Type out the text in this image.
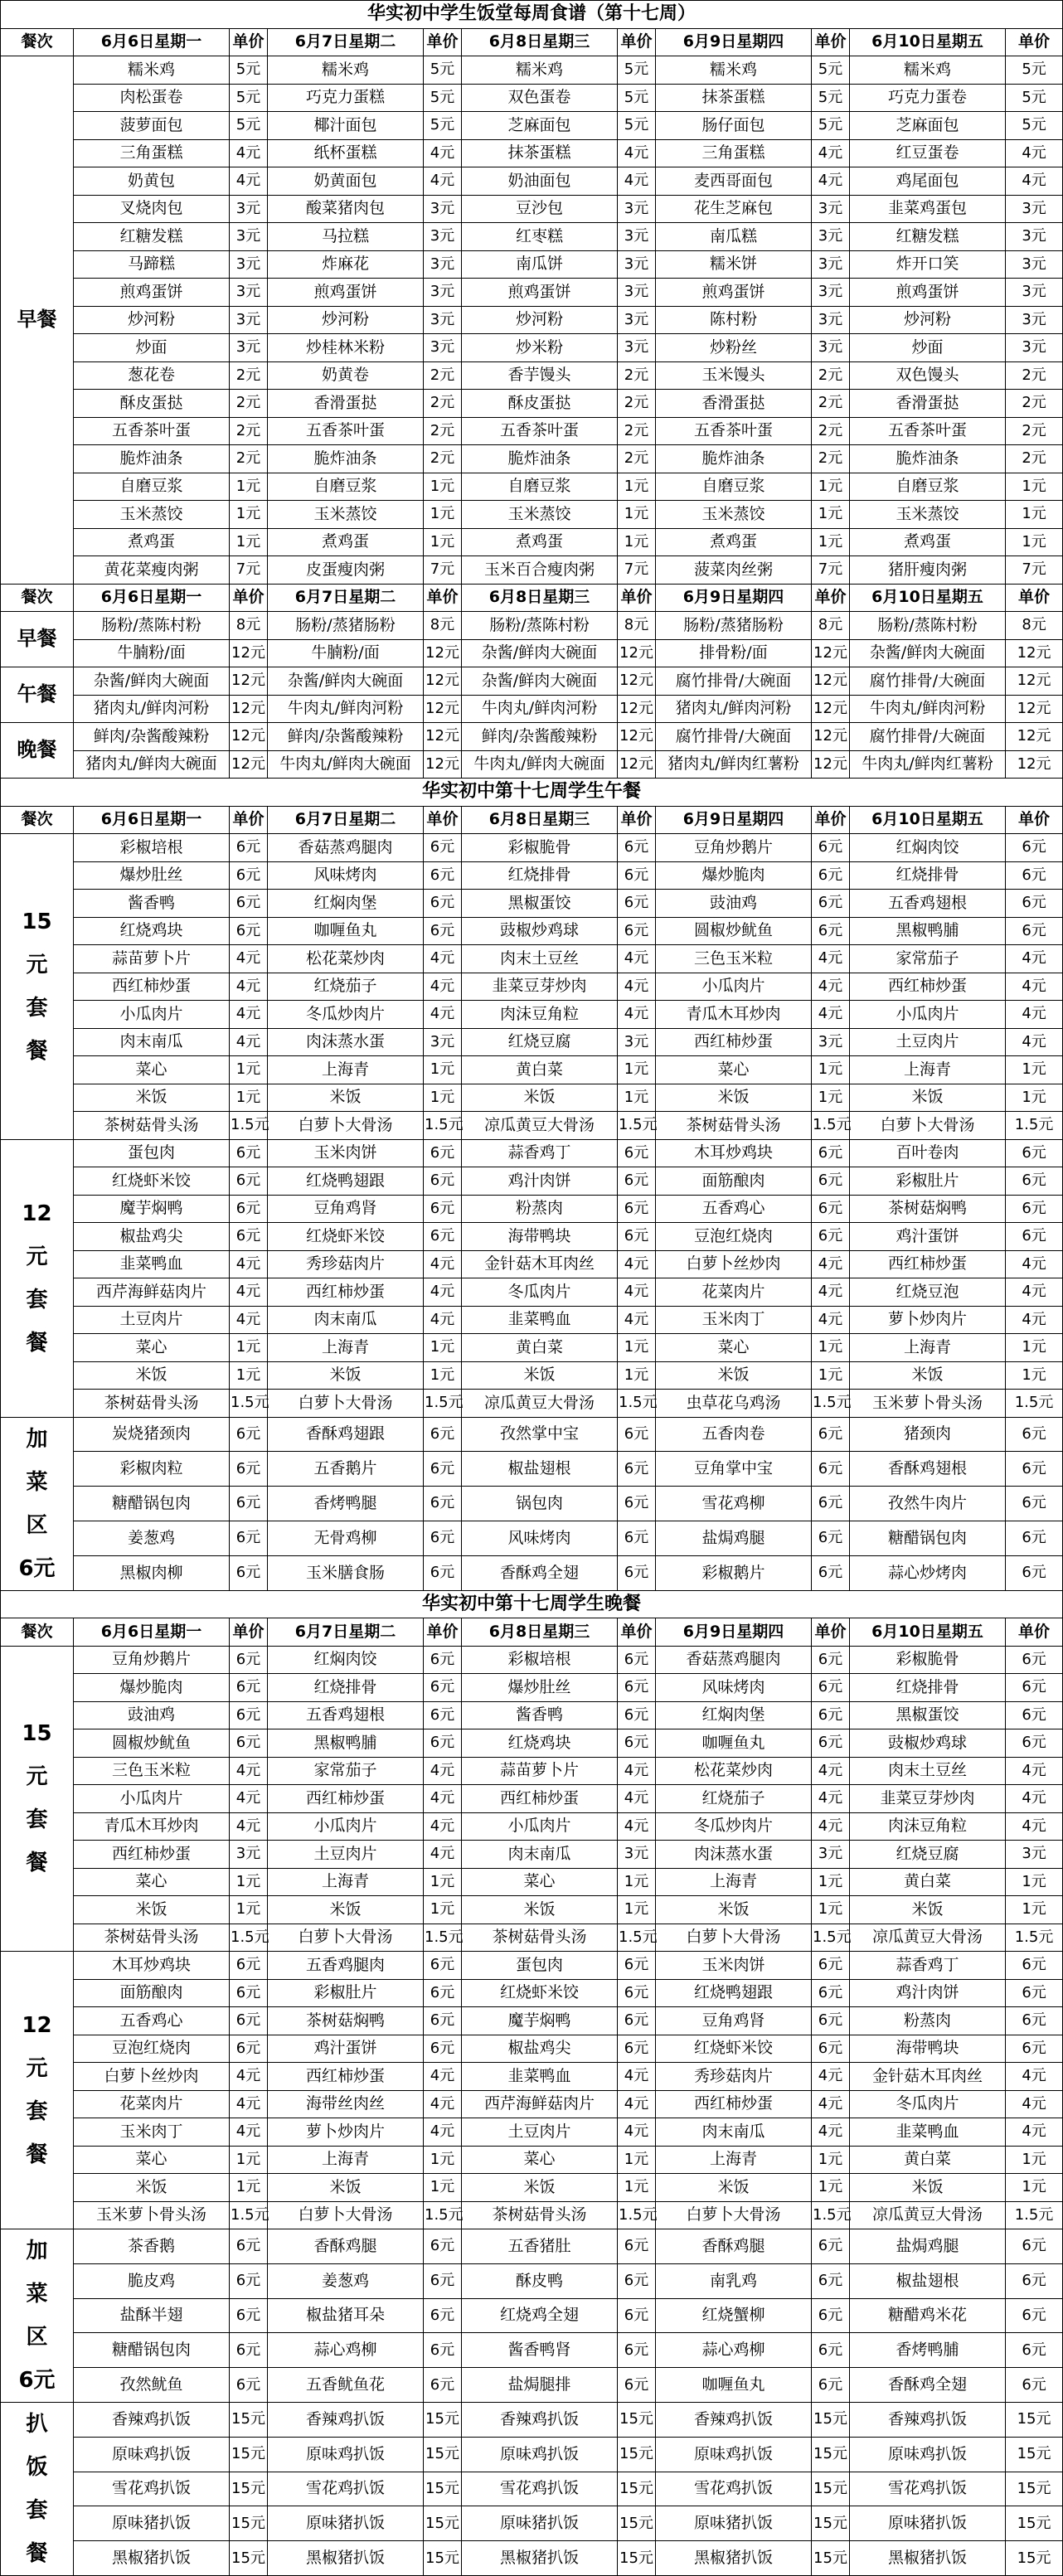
华实初中学生饭堂每周食谱（第十七周）										
餐次	6月6日星期一	单价	6月7日星期二	单价	6月8日星期三	单价	6月9日星期四	单价	6月10日星期五	单价
早餐	糯米鸡	5元	糯米鸡	5元	糯米鸡	5元	糯米鸡	5元	糯米鸡	5元
	肉松蛋卷	5元	巧克力蛋糕	5元	双色蛋卷	5元	抹茶蛋糕	5元	巧克力蛋卷	5元
	菠萝面包	5元	椰汁面包	5元	芝麻面包	5元	肠仔面包	5元	芝麻面包	5元
	三角蛋糕	4元	纸杯蛋糕	4元	抹茶蛋糕	4元	三角蛋糕	4元	红豆蛋卷	4元
	奶黄包	4元	奶黄面包	4元	奶油面包	4元	麦西哥面包	4元	鸡尾面包	4元
	叉烧肉包	3元	酸菜猪肉包	3元	豆沙包	3元	花生芝麻包	3元	韭菜鸡蛋包	3元
	红糖发糕	3元	马拉糕	3元	红枣糕	3元	南瓜糕	3元	红糖发糕	3元
	马蹄糕	3元	炸麻花	3元	南瓜饼	3元	糯米饼	3元	炸开口笑	3元
	煎鸡蛋饼	3元	煎鸡蛋饼	3元	煎鸡蛋饼	3元	煎鸡蛋饼	3元	煎鸡蛋饼	3元
	炒河粉	3元	炒河粉	3元	炒河粉	3元	陈村粉	3元	炒河粉	3元
	炒面	3元	炒桂林米粉	3元	炒米粉	3元	炒粉丝	3元	炒面	3元
	葱花卷	2元	奶黄卷	2元	香芋馒头	2元	玉米馒头	2元	双色馒头	2元
	酥皮蛋挞	2元	香滑蛋挞	2元	酥皮蛋挞	2元	香滑蛋挞	2元	香滑蛋挞	2元
	五香茶叶蛋	2元	五香茶叶蛋	2元	五香茶叶蛋	2元	五香茶叶蛋	2元	五香茶叶蛋	2元
	脆炸油条	2元	脆炸油条	2元	脆炸油条	2元	脆炸油条	2元	脆炸油条	2元
	自磨豆浆	1元	自磨豆浆	1元	自磨豆浆	1元	自磨豆浆	1元	自磨豆浆	1元
	玉米蒸饺	1元	玉米蒸饺	1元	玉米蒸饺	1元	玉米蒸饺	1元	玉米蒸饺	1元
	煮鸡蛋	1元	煮鸡蛋	1元	煮鸡蛋	1元	煮鸡蛋	1元	煮鸡蛋	1元
	黄花菜瘦肉粥	7元	皮蛋瘦肉粥	7元	玉米百合瘦肉粥	7元	菠菜肉丝粥	7元	猪肝瘦肉粥	7元
餐次	6月6日星期一	单价	6月7日星期二	单价	6月8日星期三	单价	6月9日星期四	单价	6月10日星期五	单价
早餐	肠粉/蒸陈村粉	8元	肠粉/蒸猪肠粉	8元	肠粉/蒸陈村粉	8元	肠粉/蒸猪肠粉	8元	肠粉/蒸陈村粉	8元
	牛腩粉/面	12元	牛腩粉/面	12元	杂酱/鲜肉大碗面	12元	排骨粉/面	12元	杂酱/鲜肉大碗面	12元
午餐	杂酱/鲜肉大碗面	12元	杂酱/鲜肉大碗面	12元	杂酱/鲜肉大碗面	12元	腐竹排骨/大碗面	12元	腐竹排骨/大碗面	12元
	猪肉丸/鲜肉河粉	12元	牛肉丸/鲜肉河粉	12元	牛肉丸/鲜肉河粉	12元	猪肉丸/鲜肉河粉	12元	牛肉丸/鲜肉河粉	12元
晚餐	鲜肉/杂酱酸辣粉	12元	鲜肉/杂酱酸辣粉	12元	鲜肉/杂酱酸辣粉	12元	腐竹排骨/大碗面	12元	腐竹排骨/大碗面	12元
	猪肉丸/鲜肉大碗面	12元	牛肉丸/鲜肉大碗面	12元	牛肉丸/鲜肉大碗面	12元	猪肉丸/鲜肉红薯粉	12元	牛肉丸/鲜肉红薯粉	12元
华实初中第十七周学生午餐										
餐次	6月6日星期一	单价	6月7日星期二	单价	6月8日星期三	单价	6月9日星期四	单价	6月10日星期五	单价
15
元
套
餐	彩椒培根	6元	香菇蒸鸡腿肉	6元	彩椒脆骨	6元	豆角炒鹅片	6元	红焖肉饺	6元
	爆炒肚丝	6元	风味烤肉	6元	红烧排骨	6元	爆炒脆肉	6元	红烧排骨	6元
	酱香鸭	6元	红焖肉堡	6元	黑椒蛋饺	6元	豉油鸡	6元	五香鸡翅根	6元
	红烧鸡块	6元	咖喱鱼丸	6元	豉椒炒鸡球	6元	圆椒炒鱿鱼	6元	黑椒鸭脯	6元
	蒜苗萝卜片	4元	松花菜炒肉	4元	肉末土豆丝	4元	三色玉米粒	4元	家常茄子	4元
	西红柿炒蛋	4元	红烧茄子	4元	韭菜豆芽炒肉	4元	小瓜肉片	4元	西红柿炒蛋	4元
	小瓜肉片	4元	冬瓜炒肉片	4元	肉沫豆角粒	4元	青瓜木耳炒肉	4元	小瓜肉片	4元
	肉末南瓜	4元	肉沫蒸水蛋	3元	红烧豆腐	3元	西红柿炒蛋	3元	土豆肉片	4元
	菜心	1元	上海青	1元	黄白菜	1元	菜心	1元	上海青	1元
	米饭	1元	米饭	1元	米饭	1元	米饭	1元	米饭	1元
	茶树菇骨头汤	1.5元	白萝卜大骨汤	1.5元	凉瓜黄豆大骨汤	1.5元	茶树菇骨头汤	1.5元	白萝卜大骨汤	1.5元
12
元
套
餐	蛋包肉	6元	玉米肉饼	6元	蒜香鸡丁	6元	木耳炒鸡块	6元	百叶卷肉	6元
	红烧虾米饺	6元	红烧鸭翅跟	6元	鸡汁肉饼	6元	面筋酿肉	6元	彩椒肚片	6元
	魔芋焖鸭	6元	豆角鸡肾	6元	粉蒸肉	6元	五香鸡心	6元	茶树菇焖鸭	6元
	椒盐鸡尖	6元	红烧虾米饺	6元	海带鸭块	6元	豆泡红烧肉	6元	鸡汁蛋饼	6元
	韭菜鸭血	4元	秀珍菇肉片	4元	金针菇木耳肉丝	4元	白萝卜丝炒肉	4元	西红柿炒蛋	4元
	西芹海鲜菇肉片	4元	西红柿炒蛋	4元	冬瓜肉片	4元	花菜肉片	4元	红烧豆泡	4元
	土豆肉片	4元	肉末南瓜	4元	韭菜鸭血	4元	玉米肉丁	4元	萝卜炒肉片	4元
	菜心	1元	上海青	1元	黄白菜	1元	菜心	1元	上海青	1元
	米饭	1元	米饭	1元	米饭	1元	米饭	1元	米饭	1元
	茶树菇骨头汤	1.5元	白萝卜大骨汤	1.5元	凉瓜黄豆大骨汤	1.5元	虫草花乌鸡汤	1.5元	玉米萝卜骨头汤	1.5元
加
菜
区
6元	炭烧猪颈肉	6元	香酥鸡翅跟	6元	孜然掌中宝	6元	五香肉卷	6元	猪颈肉	6元
	彩椒肉粒	6元	五香鹅片	6元	椒盐翅根	6元	豆角掌中宝	6元	香酥鸡翅根	6元
	糖醋锅包肉	6元	香烤鸭腿	6元	锅包肉	6元	雪花鸡柳	6元	孜然牛肉片	6元
	姜葱鸡	6元	无骨鸡柳	6元	风味烤肉	6元	盐焗鸡腿	6元	糖醋锅包肉	6元
	黑椒肉柳	6元	玉米膳食肠	6元	香酥鸡全翅	6元	彩椒鹅片	6元	蒜心炒烤肉	6元
华实初中第十七周学生晚餐										
餐次	6月6日星期一	单价	6月7日星期二	单价	6月8日星期三	单价	6月9日星期四	单价	6月10日星期五	单价
15
元
套
餐	豆角炒鹅片	6元	红焖肉饺	6元	彩椒培根	6元	香菇蒸鸡腿肉	6元	彩椒脆骨	6元
	爆炒脆肉	6元	红烧排骨	6元	爆炒肚丝	6元	风味烤肉	6元	红烧排骨	6元
	豉油鸡	6元	五香鸡翅根	6元	酱香鸭	6元	红焖肉堡	6元	黑椒蛋饺	6元
	圆椒炒鱿鱼	6元	黑椒鸭脯	6元	红烧鸡块	6元	咖喱鱼丸	6元	豉椒炒鸡球	6元
	三色玉米粒	4元	家常茄子	4元	蒜苗萝卜片	4元	松花菜炒肉	4元	肉末土豆丝	4元
	小瓜肉片	4元	西红柿炒蛋	4元	西红柿炒蛋	4元	红烧茄子	4元	韭菜豆芽炒肉	4元
	青瓜木耳炒肉	4元	小瓜肉片	4元	小瓜肉片	4元	冬瓜炒肉片	4元	肉沫豆角粒	4元
	西红柿炒蛋	3元	土豆肉片	4元	肉末南瓜	3元	肉沫蒸水蛋	3元	红烧豆腐	3元
	菜心	1元	上海青	1元	菜心	1元	上海青	1元	黄白菜	1元
	米饭	1元	米饭	1元	米饭	1元	米饭	1元	米饭	1元
	茶树菇骨头汤	1.5元	白萝卜大骨汤	1.5元	茶树菇骨头汤	1.5元	白萝卜大骨汤	1.5元	凉瓜黄豆大骨汤	1.5元
12
元
套
餐	木耳炒鸡块	6元	五香鸡腿肉	6元	蛋包肉	6元	玉米肉饼	6元	蒜香鸡丁	6元
	面筋酿肉	6元	彩椒肚片	6元	红烧虾米饺	6元	红烧鸭翅跟	6元	鸡汁肉饼	6元
	五香鸡心	6元	茶树菇焖鸭	6元	魔芋焖鸭	6元	豆角鸡肾	6元	粉蒸肉	6元
	豆泡红烧肉	6元	鸡汁蛋饼	6元	椒盐鸡尖	6元	红烧虾米饺	6元	海带鸭块	6元
	白萝卜丝炒肉	4元	西红柿炒蛋	4元	韭菜鸭血	4元	秀珍菇肉片	4元	金针菇木耳肉丝	4元
	花菜肉片	4元	海带丝肉丝	4元	西芹海鲜菇肉片	4元	西红柿炒蛋	4元	冬瓜肉片	4元
	玉米肉丁	4元	萝卜炒肉片	4元	土豆肉片	4元	肉末南瓜	4元	韭菜鸭血	4元
	菜心	1元	上海青	1元	菜心	1元	上海青	1元	黄白菜	1元
	米饭	1元	米饭	1元	米饭	1元	米饭	1元	米饭	1元
	玉米萝卜骨头汤	1.5元	白萝卜大骨汤	1.5元	茶树菇骨头汤	1.5元	白萝卜大骨汤	1.5元	凉瓜黄豆大骨汤	1.5元
加
菜
区
6元	茶香鹅	6元	香酥鸡腿	6元	五香猪肚	6元	香酥鸡腿	6元	盐焗鸡腿	6元
	脆皮鸡	6元	姜葱鸡	6元	酥皮鸭	6元	南乳鸡	6元	椒盐翅根	6元
	盐酥半翅	6元	椒盐猪耳朵	6元	红烧鸡全翅	6元	红烧蟹柳	6元	糖醋鸡米花	6元
	糖醋锅包肉	6元	蒜心鸡柳	6元	酱香鸭肾	6元	蒜心鸡柳	6元	香烤鸭脯	6元
	孜然鱿鱼	6元	五香鱿鱼花	6元	盐焗腿排	6元	咖喱鱼丸	6元	香酥鸡全翅	6元
扒
饭
套
餐	香辣鸡扒饭	15元	香辣鸡扒饭	15元	香辣鸡扒饭	15元	香辣鸡扒饭	15元	香辣鸡扒饭	15元
	原味鸡扒饭	15元	原味鸡扒饭	15元	原味鸡扒饭	15元	原味鸡扒饭	15元	原味鸡扒饭	15元
	雪花鸡扒饭	15元	雪花鸡扒饭	15元	雪花鸡扒饭	15元	雪花鸡扒饭	15元	雪花鸡扒饭	15元
	原味猪扒饭	15元	原味猪扒饭	15元	原味猪扒饭	15元	原味猪扒饭	15元	原味猪扒饭	15元
	黑椒猪扒饭	15元	黑椒猪扒饭	15元	黑椒猪扒饭	15元	黑椒猪扒饭	15元	黑椒猪扒饭	15元
